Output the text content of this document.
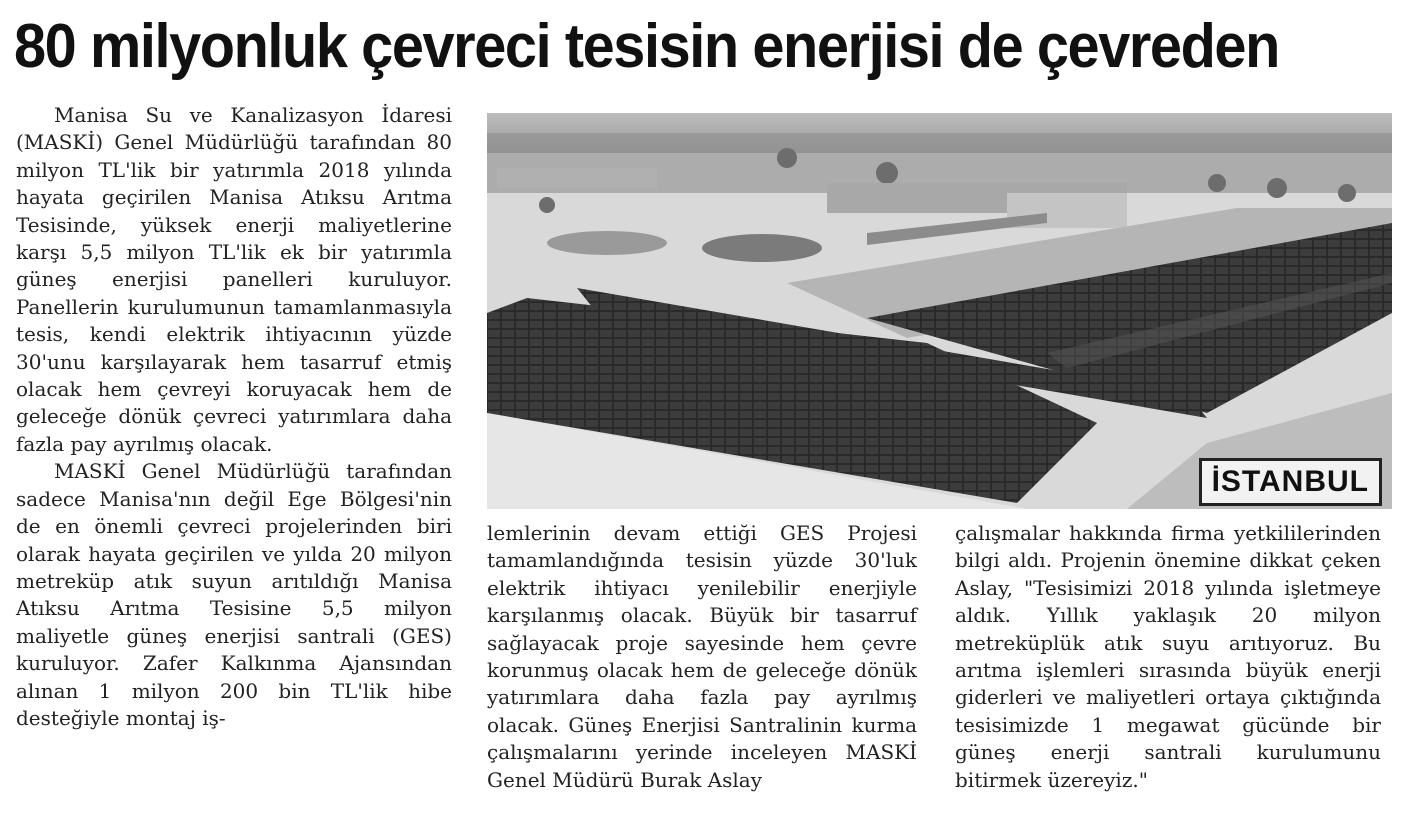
80 milyonluk çevreci tesisin enerjisi de çevreden

Manisa Su ve Kanalizasyon İdaresi (MASKİ) Genel Müdürlüğü tarafından 80 milyon TL'lik bir yatırımla 2018 yılında hayata geçirilen Manisa Atıksu Arıtma Tesisinde, yüksek enerji maliyetlerine karşı 5,5 milyon TL'lik ek bir yatırımla güneş enerjisi panelleri kuruluyor. Panellerin kurulumunun tamamlanmasıyla tesis, kendi elektrik ihtiyacının yüzde 30'unu karşılayarak hem tasarruf etmiş olacak hem çevreyi koruyacak hem de geleceğe dönük çevreci yatırımlara daha fazla pay ayrılmış olacak.

MASKİ Genel Müdürlüğü tarafından sadece Manisa'nın değil Ege Bölgesi'nin de en önemli çevreci projelerinden biri olarak hayata geçirilen ve yılda 20 milyon metreküp atık suyun arıtıldığı Manisa Atıksu Arıtma Tesisine 5,5 milyon maliyetle güneş enerjisi santrali (GES) kuruluyor. Zafer Kalkınma Ajansından alınan 1 milyon 200 bin TL'lik hibe desteğiyle montaj iş-

İSTANBUL

lemlerinin devam ettiği GES Projesi tamamlandığında tesisin yüzde 30'luk elektrik ihtiyacı yenilebilir enerjiyle karşılanmış olacak. Büyük bir tasarruf sağlayacak proje sayesinde hem çevre korunmuş olacak hem de geleceğe dönük yatırımlara daha fazla pay ayrılmış olacak. Güneş Enerjisi Santralinin kurma çalışmalarını yerinde inceleyen MASKİ Genel Müdürü Burak Aslay

çalışmalar hakkında firma yetkililerinden bilgi aldı. Projenin önemine dikkat çeken Aslay, "Tesisimizi 2018 yılında işletmeye aldık. Yıllık yaklaşık 20 milyon metreküplük atık suyu arıtıyoruz. Bu arıtma işlemleri sırasında büyük enerji giderleri ve maliyetleri ortaya çıktığında tesisimizde 1 megawat gücünde bir güneş enerji santrali kurulumunu bitirmek üzereyiz."
